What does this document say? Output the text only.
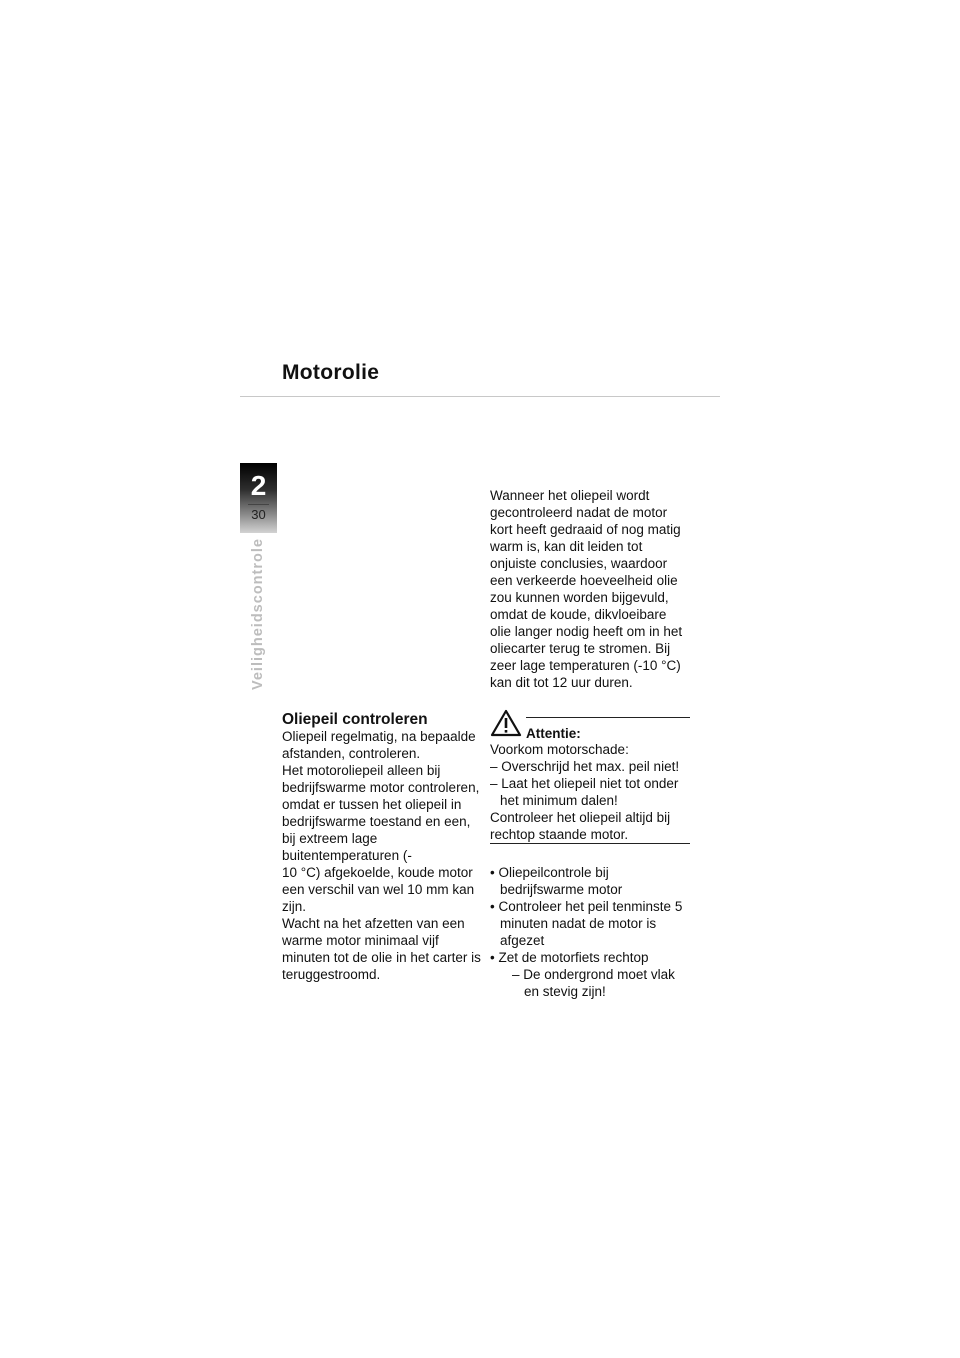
Motorolie
2
30
Veiligheidscontrole
Oliepeil controleren

Oliepeil regelmatig, na bepaalde afstanden, controleren.
Het motoroliepeil alleen bij bedrijfswarme motor controleren, omdat er tussen het oliepeil in bedrijfswarme toestand en een, bij extreem lage buitentemperaturen (-
10 °C) afgekoelde, koude motor een verschil van wel 10 mm kan zijn.
Wacht na het afzetten van een warme motor minimaal vijf minuten tot de olie in het carter is teruggestroomd.

Wanneer het oliepeil wordt gecontroleerd nadat de motor kort heeft gedraaid of nog matig warm is, kan dit leiden tot onjuiste conclusies, waardoor een verkeerde hoeveelheid olie zou kunnen worden bijgevuld, omdat de koude, dikvloeibare olie langer nodig heeft om in het oliecarter terug te stromen. Bij zeer lage temperaturen (-10 °C) kan dit tot 12 uur duren.

Attentie:

Voorkom motorschade:

– Overschrijd het max. peil niet!

– Laat het oliepeil niet tot onder het minimum dalen!

Controleer het oliepeil altijd bij rechtop staande motor.

• Oliepeilcontrole bij bedrijfswarme motor
• Controleer het peil tenminste 5 minuten nadat de motor is afgezet
• Zet de motorfiets rechtop
– De ondergrond moet vlak en stevig zijn!
